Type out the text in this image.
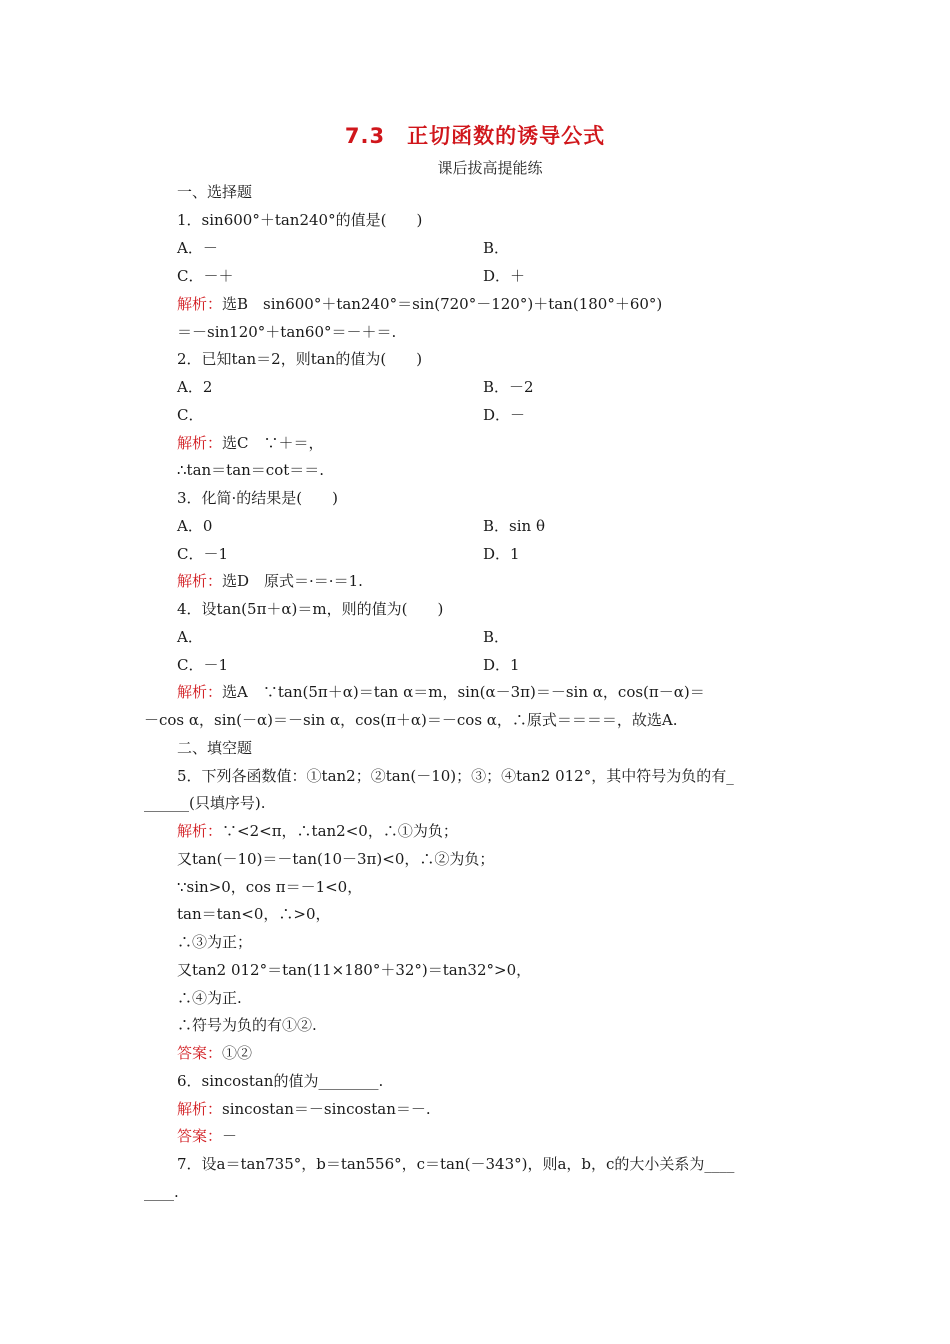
7.3　正切函数的诱导公式
课后拔高提能练
一、选择题
1．sin600°＋tan240°的值是(　　)
A．－	B．
C．－＋	D．＋
解析：选B　sin600°＋tan240°＝sin(720°－120°)＋tan(180°＋60°)
＝－sin120°＋tan60°＝－＋＝.
2．已知tan＝2，则tan的值为(　　)
A．2	B．－2
C．	D．－
解析：选C　∵＋＝，
∴tan＝tan＝cot＝＝.
3．化简·的结果是(　　)
A．0	B．sin θ
C．－1	D．1
解析：选D　原式＝·＝·＝1.
4．设tan(5π＋α)＝m，则的值为(　　)
A．	B．
C．－1	D．1
解析：选A　∵tan(5π＋α)＝tan α＝m，sin(α－3π)＝－sin α，cos(π－α)＝
－cos α，sin(－α)＝－sin α，cos(π＋α)＝－cos α，∴原式＝＝＝＝，故选A.
二、填空题
5．下列各函数值：①tan2；②tan(－10)；③；④tan2 012°，其中符号为负的有_
______(只填序号).
解析：∵<2<π，∴tan2<0，∴①为负；
又tan(－10)＝－tan(10－3π)<0，∴②为负；
∵sin>0，cos π＝－1<0，
tan＝tan<0，∴>0，
∴③为正；
又tan2 012°＝tan(11×180°＋32°)＝tan32°>0，
∴④为正.
∴符号为负的有①②.
答案：①②
6．sincostan的值为________.
解析：sincostan＝－sincostan＝－.
答案：－
7．设a＝tan735°，b＝tan556°，c＝tan(－343°)，则a，b，c的大小关系为____
____.
